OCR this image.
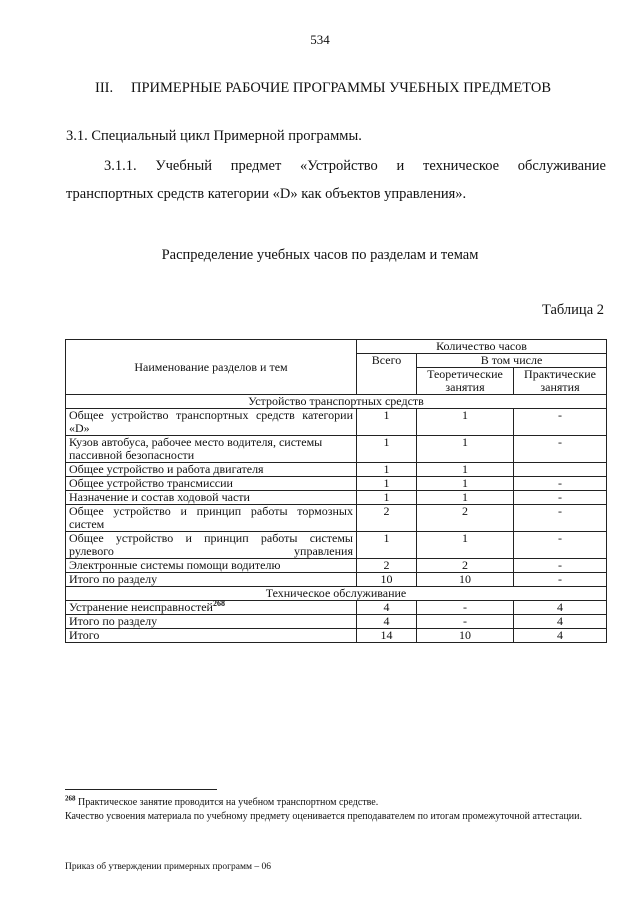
534
III. ПРИМЕРНЫЕ РАБОЧИЕ ПРОГРАММЫ УЧЕБНЫХ ПРЕДМЕТОВ
3.1. Специальный цикл Примерной программы.
3.1.1. Учебный предмет «Устройство и техническое обслуживание
транспортных средств категории «D» как объектов управления».
Распределение учебных часов по разделам и темам
Таблица 2
Наименование разделов и тем	Количество часов		
	Всего	В том числе	
		Теоретические занятия	Практические занятия
Устройство транспортных средств			
Общее устройство транспортных средств категории «D»	1	1	-
Кузов автобуса, рабочее место водителя, системы пассивной безопасности	1	1	-
Общее устройство и работа двигателя	1	1	
Общее устройство трансмиссии	1	1	-
Назначение и состав ходовой части	1	1	-
Общее устройство и принцип работы тормозных систем	2	2	-
Общее устройство и принцип работы системы рулевого управления	1	1	-
Электронные системы помощи водителю	2	2	-
Итого по разделу	10	10	-
Техническое обслуживание			
Устранение неисправностей$^{268}$	4	-	4
Итого по разделу	4	-	4
Итого	14	10	4
$^{268}$ Практическое занятие проводится на учебном транспортном средстве.
Качество усвоения материала по учебному предмету оценивается преподавателем по итогам промежуточной аттестации.
Приказ об утверждении примерных программ – 06
